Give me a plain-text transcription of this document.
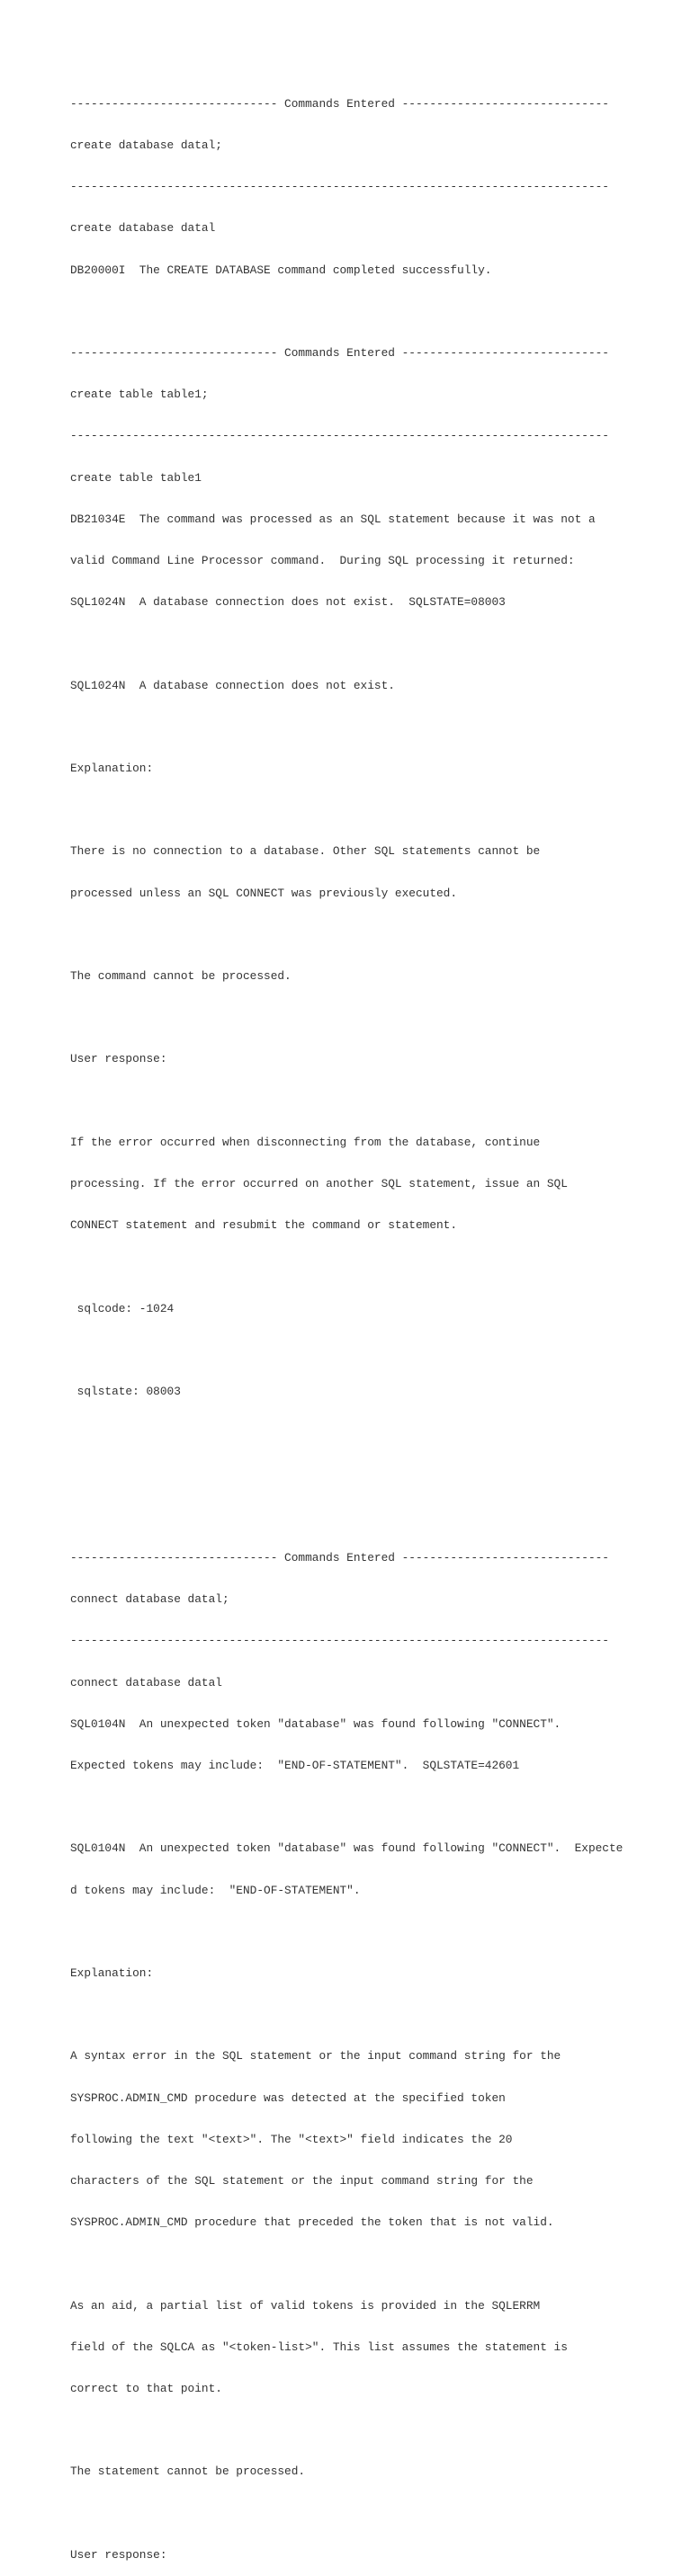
------------------------------ Commands Entered ------------------------------

create database datal;

------------------------------------------------------------------------------

create database datal

DB20000I  The CREATE DATABASE command completed successfully.

------------------------------ Commands Entered ------------------------------

create table table1;

------------------------------------------------------------------------------

create table table1

DB21034E  The command was processed as an SQL statement because it was not a

valid Command Line Processor command.  During SQL processing it returned:

SQL1024N  A database connection does not exist.  SQLSTATE=08003

SQL1024N  A database connection does not exist.

Explanation:

There is no connection to a database. Other SQL statements cannot be

processed unless an SQL CONNECT was previously executed.

The command cannot be processed.

User response:

If the error occurred when disconnecting from the database, continue

processing. If the error occurred on another SQL statement, issue an SQL

CONNECT statement and resubmit the command or statement.

sqlcode: -1024

sqlstate: 08003

------------------------------ Commands Entered ------------------------------

connect database datal;

------------------------------------------------------------------------------

connect database datal

SQL0104N  An unexpected token "database" was found following "CONNECT".

Expected tokens may include:  "END-OF-STATEMENT".  SQLSTATE=42601

SQL0104N  An unexpected token "database" was found following "CONNECT".  Expecte

d tokens may include:  "END-OF-STATEMENT".

Explanation:

A syntax error in the SQL statement or the input command string for the

SYSPROC.ADMIN_CMD procedure was detected at the specified token

following the text "<text>". The "<text>" field indicates the 20

characters of the SQL statement or the input command string for the

SYSPROC.ADMIN_CMD procedure that preceded the token that is not valid.

As an aid, a partial list of valid tokens is provided in the SQLERRM

field of the SQLCA as "<token-list>". This list assumes the statement is

correct to that point.

The statement cannot be processed.

User response:
